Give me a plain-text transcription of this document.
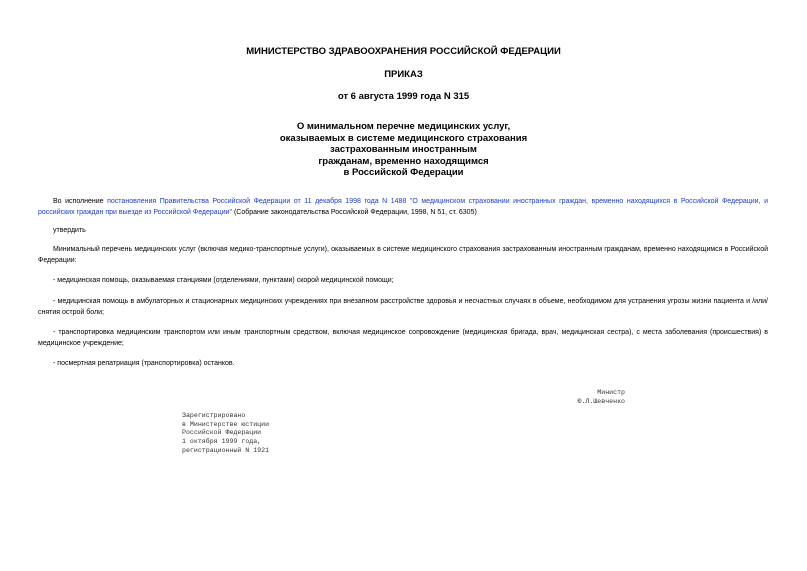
МИНИСТЕРСТВО ЗДРАВООХРАНЕНИЯ РОССИЙСКОЙ ФЕДЕРАЦИИ
ПРИКАЗ
от 6 августа 1999 года N 315
О минимальном перечне медицинских услуг,
оказываемых в системе медицинского страхования
застрахованным иностранным
гражданам, временно находящимся
в Российской Федерации
Во исполнение постановления Правительства Российской Федерации от 11 декабря 1998 года N 1488 "О медицинском страховании иностранных граждан, временно находящихся в Российской Федерации, и российских граждан при выезде из Российской Федерации" (Собрание законодательства Российской Федерации, 1998, N 51, ст. 6305)
утвердить
Минимальный перечень медицинских услуг (включая медико-транспортные услуги), оказываемых в системе медицинского страхования застрахованным иностранным гражданам, временно находящимся в Российской Федерации:
- медицинская помощь, оказываемая станциями (отделениями, пунктами) скорой медицинской помощи;
- медицинская помощь в амбулаторных и стационарных медицинских учреждениях при внезапном расстройстве здоровья и несчастных случаях в объеме, необходимом для устранения угрозы жизни пациента и /или/ снятия острой боли;
- транспортировка медицинским транспортом или иным транспортным средством, включая медицинское сопровождение (медицинская бригада, врач, медицинская сестра), с места заболевания (происшествия) в медицинское учреждение;
- посмертная репатриация (транспортировка) останков.
Министр
Ю.Л.Шевченко
Зарегистрировано
в Министерстве юстиции
Российской Федерации
1 октября 1999 года,
регистрационный N 1921
